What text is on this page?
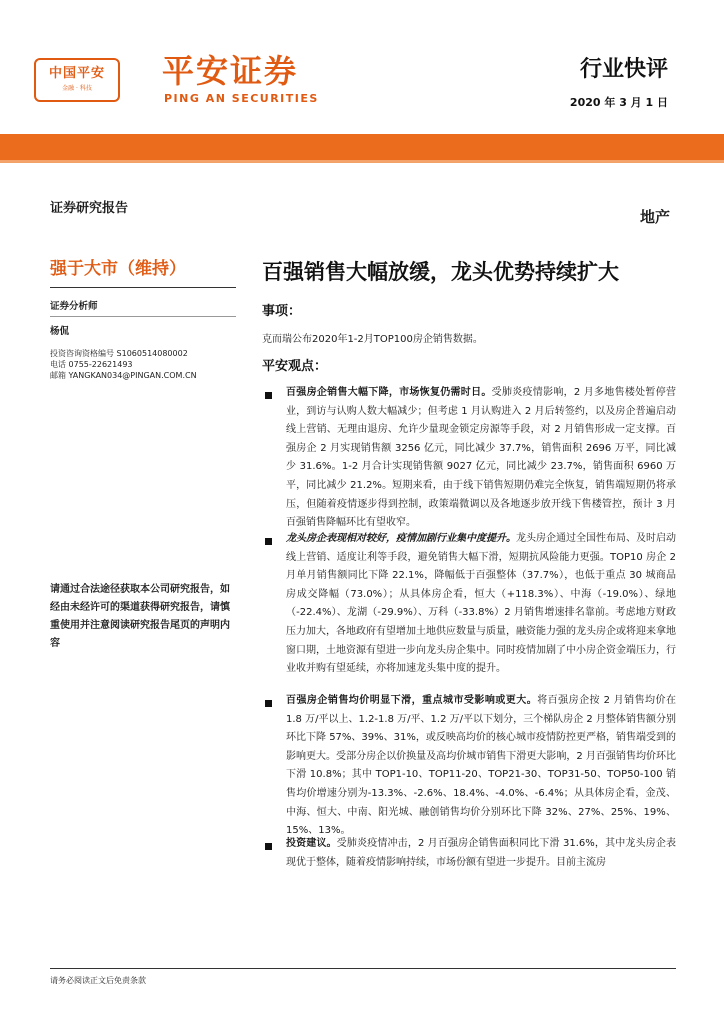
中国平安
金融 · 科技	平安证券
PING AN SECURITIES
行业快评
2020 年 3 月 1 日
证券研究报告
强于大市（维持）
证券分析师
杨侃
投资咨询资格编号 S1060514080002
电话 0755-22621493
邮箱 YANGKAN034@PINGAN.COM.CN
请通过合法途径获取本公司研究报告，如经由未经许可的渠道获得研究报告，请慎重使用并注意阅读研究报告尾页的声明内容
地产
百强销售大幅放缓，龙头优势持续扩大
事项：
克而瑞公布2020年1-2月TOP100房企销售数据。
平安观点：

百强房企销售大幅下降，市场恢复仍需时日。受肺炎疫情影响，2 月多地售楼处暂停营业，到访与认购人数大幅减少；但考虑 1 月认购进入 2 月后转签约，以及房企普遍启动线上营销、无理由退房、允许少量现金锁定房源等手段，对 2 月销售形成一定支撑。百强房企 2 月实现销售额 3256 亿元，同比减少 37.7%，销售面积 2696 万平，同比减少 31.6%。1-2 月合计实现销售额 9027 亿元，同比减少 23.7%，销售面积 6960 万平，同比减少 21.2%。短期来看，由于线下销售短期仍难完全恢复，销售端短期仍将承压，但随着疫情逐步得到控制，政策端微调以及各地逐步放开线下售楼管控，预计 3 月百强销售降幅环比有望收窄。

龙头房企表现相对较好，疫情加剧行业集中度提升。龙头房企通过全国性布局、及时启动线上营销、适度让利等手段，避免销售大幅下滑，短期抗风险能力更强。TOP10 房企 2 月单月销售额同比下降 22.1%，降幅低于百强整体（37.7%），也低于重点 30 城商品房成交降幅（73.0%）；从具体房企看，恒大（+118.3%）、中海（-19.0%）、绿地（-22.4%）、龙湖（-29.9%）、万科（-33.8%）2 月销售增速排名靠前。考虑地方财政压力加大，各地政府有望增加土地供应数量与质量，融资能力强的龙头房企或将迎来拿地窗口期，土地资源有望进一步向龙头房企集中。同时疫情加剧了中小房企资金端压力，行业收并购有望延续，亦将加速龙头集中度的提升。

百强房企销售均价明显下滑，重点城市受影响或更大。将百强房企按 2 月销售均价在 1.8 万/平以上、1.2-1.8 万/平、1.2 万/平以下划分，三个梯队房企 2 月整体销售额分别环比下降 57%、39%、31%，或反映高均价的核心城市疫情防控更严格，销售端受到的影响更大。受部分房企以价换量及高均价城市销售下滑更大影响，2 月百强销售均价环比下滑 10.8%；其中 TOP1-10、TOP11-20、TOP21-30、TOP31-50、TOP50-100 销售均价增速分别为-13.3%、-2.6%、18.4%、-4.0%、-6.4%；从具体房企看，金茂、中海、恒大、中南、阳光城、融创销售均价分别环比下降 32%、27%、25%、19%、15%、13%。

投资建议。受肺炎疫情冲击，2 月百强房企销售面积同比下滑 31.6%，其中龙头房企表现优于整体，随着疫情影响持续，市场份额有望进一步提升。目前主流房

请务必阅读正文后免责条款
